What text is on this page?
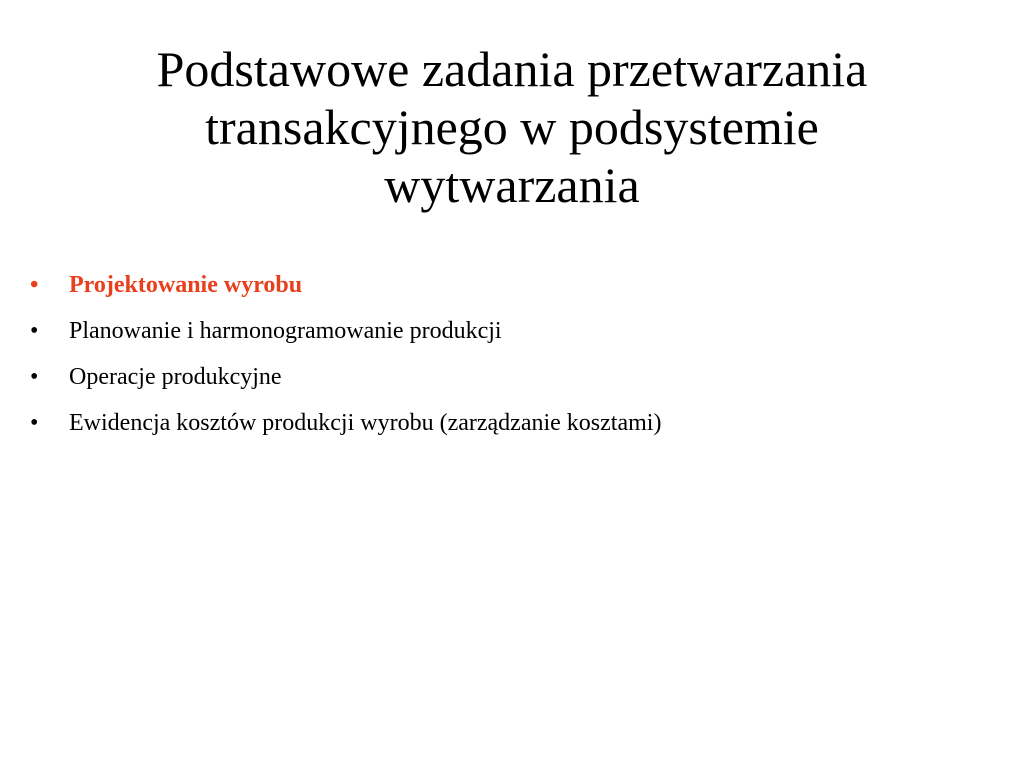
Podstawowe zadania przetwarzania
transakcyjnego w podsystemie
wytwarzania
•	Projektowanie wyrobu
•	Planowanie i harmonogramowanie produkcji
•	Operacje produkcyjne
•	Ewidencja kosztów produkcji wyrobu (zarządzanie kosztami)
